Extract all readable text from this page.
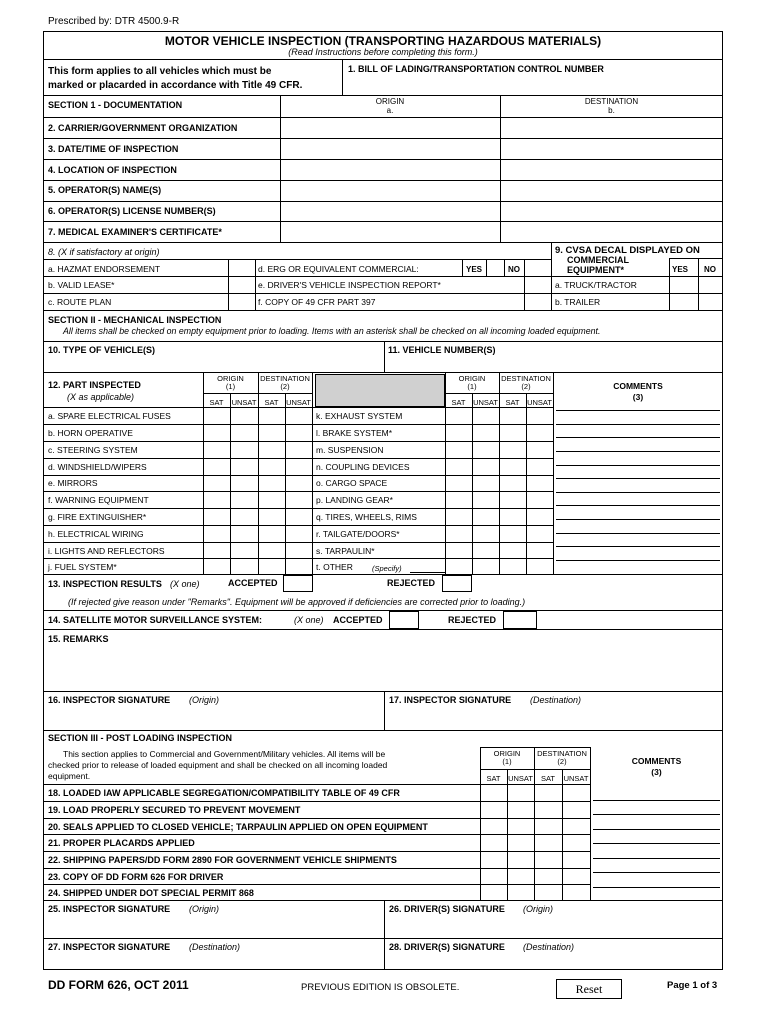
Prescribed by: DTR 4500.9-R
MOTOR VEHICLE INSPECTION (TRANSPORTING HAZARDOUS MATERIALS)
(Read Instructions before completing this form.)
This form applies to all vehicles which must be
marked or placarded in accordance with Title 49 CFR.
1. BILL OF LADING/TRANSPORTATION CONTROL NUMBER
SECTION 1 - DOCUMENTATION	ORIGIN
a.
DESTINATION
b.
2. CARRIER/GOVERNMENT ORGANIZATION
3. DATE/TIME OF INSPECTION
4. LOCATION OF INSPECTION
5. OPERATOR(S) NAME(S)
6. OPERATOR(S) LICENSE NUMBER(S)
7. MEDICAL EXAMINER'S CERTIFICATE*
8. (X if satisfactory at origin)	9. CVSA DECAL DISPLAYED ON
COMMERCIAL
EQUIPMENT*	YES NO
a. HAZMAT ENDORSEMENT	d. ERG OR EQUIVALENT COMMERCIAL:	YES	NO
b. VALID LEASE*	e. DRIVER'S VEHICLE INSPECTION REPORT*	a. TRUCK/TRACTOR
c. ROUTE PLAN	f. COPY OF 49 CFR PART 397	b. TRAILER
SECTION II - MECHANICAL INSPECTION
All items shall be checked on empty equipment prior to loading. Items with an asterisk shall be checked on all incoming loaded equipment.
10. TYPE OF VEHICLE(S)	11. VEHICLE NUMBER(S)
12. PART INSPECTED
(X as applicable)
ORIGIN
(1)
DESTINATION
(2)
SAT	UNSAT	SAT	UNSAT
ORIGIN
(1)
DESTINATION
(2)
SAT	UNSAT	SAT	UNSAT
COMMENTS
(3)
a. SPARE ELECTRICAL FUSES	k. EXHAUST SYSTEM
b. HORN OPERATIVE	l. BRAKE SYSTEM*
c. STEERING SYSTEM	m. SUSPENSION
d. WINDSHIELD/WIPERS	n. COUPLING DEVICES
e. MIRRORS	o. CARGO SPACE
f. WARNING EQUIPMENT	p. LANDING GEAR*
g. FIRE EXTINGUISHER*	q. TIRES, WHEELS, RIMS
h. ELECTRICAL WIRING	r. TAILGATE/DOORS*
i. LIGHTS AND REFLECTORS	s. TARPAULIN*
j. FUEL SYSTEM*	t. OTHER	(Specify)
13. INSPECTION RESULTS (X one)	ACCEPTED	REJECTED
(If rejected give reason under "Remarks". Equipment will be approved if deficiencies are corrected prior to loading.)
14. SATELLITE MOTOR SURVEILLANCE SYSTEM:	(X one) ACCEPTED	REJECTED
15. REMARKS
16. INSPECTOR SIGNATURE (Origin)	17. INSPECTOR SIGNATURE (Destination)
SECTION III - POST LOADING INSPECTION
This section applies to Commercial and Government/Military vehicles. All items will be
checked prior to release of loaded equipment and shall be checked on all incoming loaded
equipment.
ORIGIN
(1)
DESTINATION
(2)
SAT	UNSAT	SAT	UNSAT
COMMENTS
(3)
18. LOADED IAW APPLICABLE SEGREGATION/COMPATIBILITY TABLE OF 49 CFR
19. LOAD PROPERLY SECURED TO PREVENT MOVEMENT
20. SEALS APPLIED TO CLOSED VEHICLE; TARPAULIN APPLIED ON OPEN EQUIPMENT
21. PROPER PLACARDS APPLIED
22. SHIPPING PAPERS/DD FORM 2890 FOR GOVERNMENT VEHICLE SHIPMENTS
23. COPY OF DD FORM 626 FOR DRIVER
24. SHIPPED UNDER DOT SPECIAL PERMIT 868
25. INSPECTOR SIGNATURE (Origin)	26. DRIVER(S) SIGNATURE (Origin)
27. INSPECTOR SIGNATURE (Destination)	28. DRIVER(S) SIGNATURE (Destination)
DD FORM 626, OCT 2011	PREVIOUS EDITION IS OBSOLETE.	Reset	Page 1 of 3
